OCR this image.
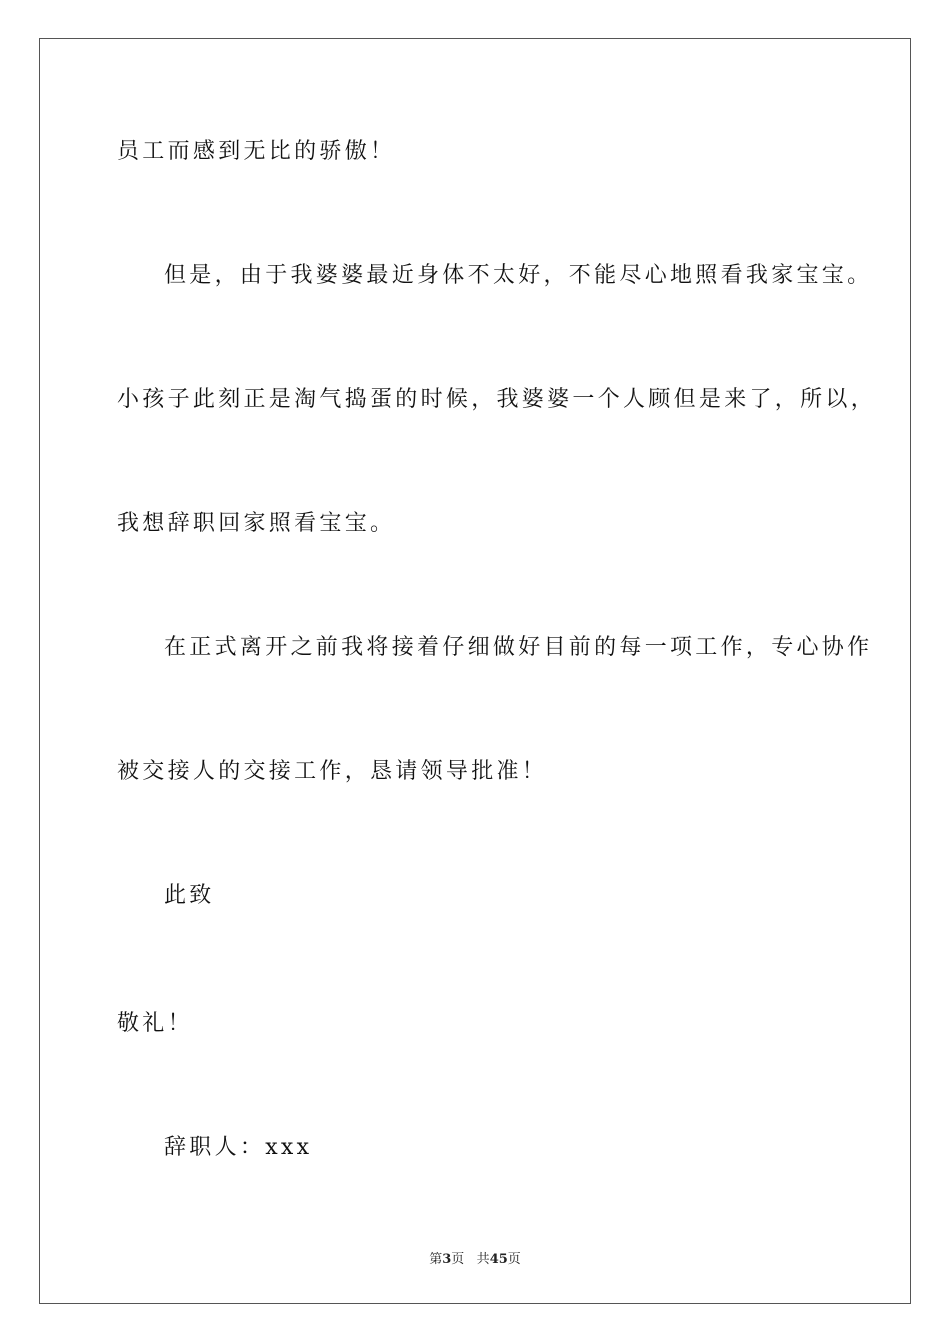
员工而感到无比的骄傲！
但是，由于我婆婆最近身体不太好，不能尽心地照看我家宝宝。
小孩子此刻正是淘气捣蛋的时候，我婆婆一个人顾但是来了，所以，
我想辞职回家照看宝宝。
在正式离开之前我将接着仔细做好目前的每一项工作，专心协作
被交接人的交接工作，恳请领导批准！
此致
敬礼！
辞职人：xxx
第3页 共45页
